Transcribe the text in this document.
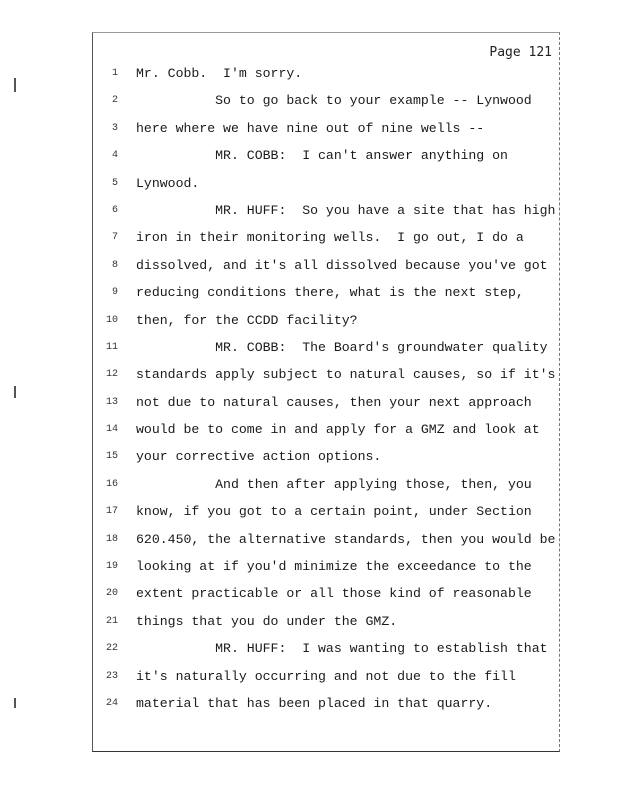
Page 121
1 Mr. Cobb.  I'm sorry.
2 So to go back to your example -- Lynwood
3 here where we have nine out of nine wells --
4 MR. COBB:  I can't answer anything on
5 Lynwood.
6 MR. HUFF:  So you have a site that has high
7 iron in their monitoring wells.  I go out, I do a
8 dissolved, and it's all dissolved because you've got
9 reducing conditions there, what is the next step,
10 then, for the CCDD facility?
11 MR. COBB:  The Board's groundwater quality
12 standards apply subject to natural causes, so if it's
13 not due to natural causes, then your next approach
14 would be to come in and apply for a GMZ and look at
15 your corrective action options.
16 And then after applying those, then, you
17 know, if you got to a certain point, under Section
18 620.450, the alternative standards, then you would be
19 looking at if you'd minimize the exceedance to the
20 extent practicable or all those kind of reasonable
21 things that you do under the GMZ.
22 MR. HUFF:  I was wanting to establish that
23 it's naturally occurring and not due to the fill
24 material that has been placed in that quarry.
